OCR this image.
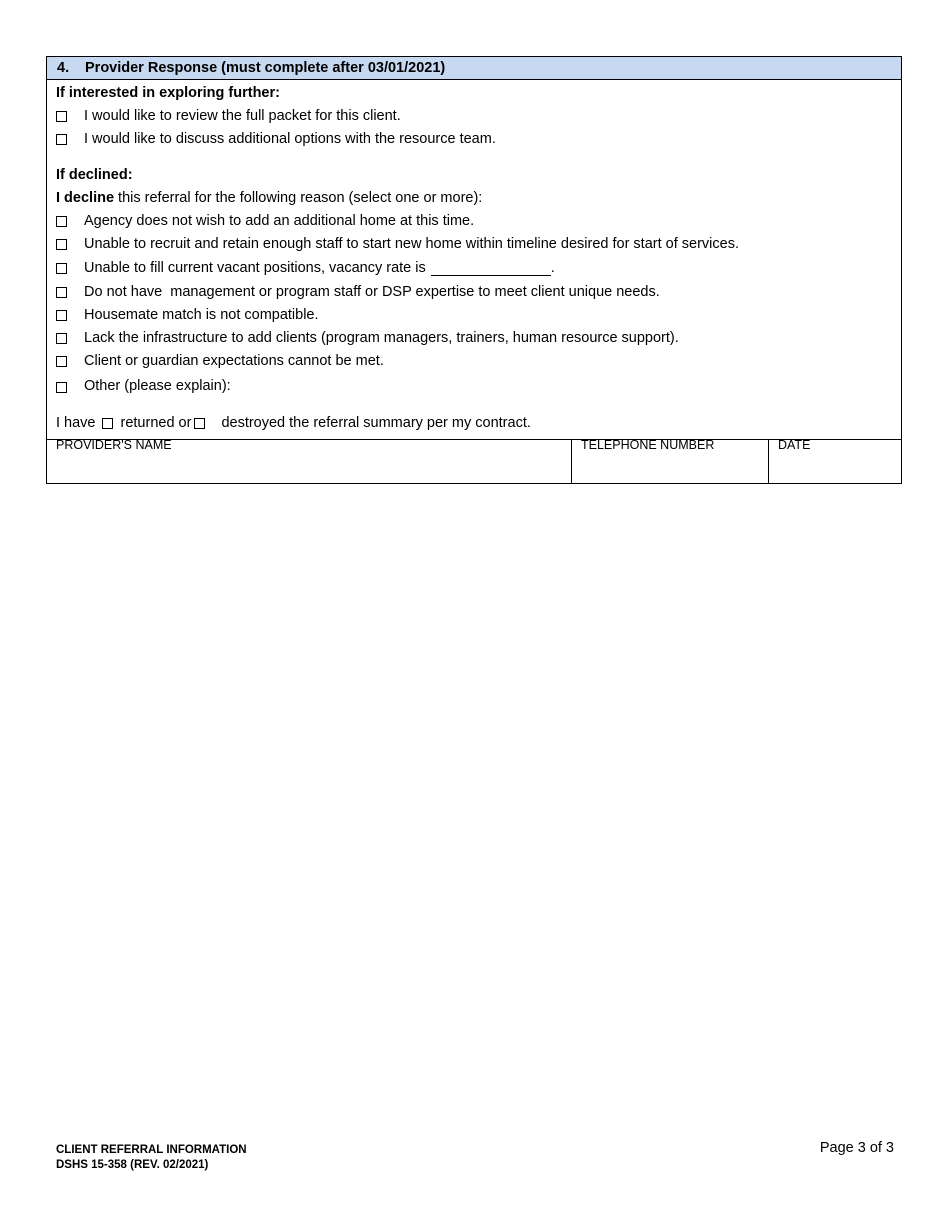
4.	Provider Response (must complete after 03/01/2021)
If interested in exploring further:
I would like to review the full packet for this client.
I would like to discuss additional options with the resource team.
If declined:
I decline this referral for the following reason (select one or more):
Agency does not wish to add an additional home at this time.
Unable to recruit and retain enough staff to start new home within timeline desired for start of services.
Unable to fill current vacant positions, vacancy rate is	.
Do not have  management or program staff or DSP expertise to meet client unique needs.
Housemate match is not compatible.
Lack the infrastructure to add clients (program managers, trainers, human resource support).
Client or guardian expectations cannot be met.
Other (please explain):
I have returned or destroyed the referral summary per my contract.
PROVIDER'S NAME	TELEPHONE NUMBER	DATE
CLIENT REFERRAL INFORMATION
DSHS 15-358 (REV. 02/2021)
Page 3 of 3
